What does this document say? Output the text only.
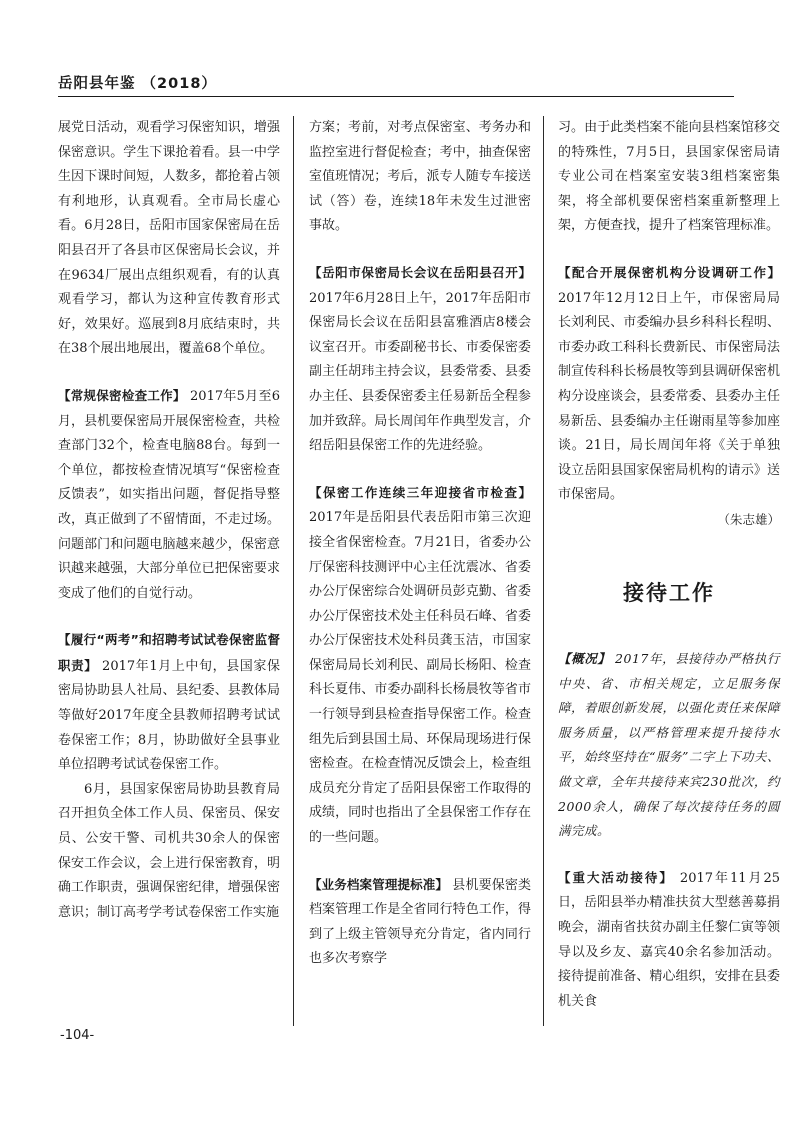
岳阳县年鉴 （2018）

展党日活动，观看学习保密知识，增强保密意识。学生下课抢着看。县一中学生因下课时间短，人数多，都抢着占领有利地形，认真观看。全市局长虚心看。6月28日，岳阳市国家保密局在岳阳县召开了各县市区保密局长会议，并在9634厂展出点组织观看，有的认真观看学习，都认为这种宣传教育形式好，效果好。巡展到8月底结束时，共在38个展出地展出，覆盖68个单位。

【常规保密检查工作】 2017年5月至6月，县机要保密局开展保密检查，共检查部门32个，检查电脑88台。每到一个单位，都按检查情况填写“保密检查反馈表”，如实指出问题，督促指导整改，真正做到了不留情面，不走过场。问题部门和问题电脑越来越少，保密意识越来越强，大部分单位已把保密要求变成了他们的自觉行动。

【履行“两考”和招聘考试试卷保密监督职责】 2017年1月上中旬，县国家保密局协助县人社局、县纪委、县教体局等做好2017年度全县教师招聘考试试卷保密工作；8月，协助做好全县事业单位招聘考试试卷保密工作。

6月，县国家保密局协助县教育局召开担负全体工作人员、保密员、保安员、公安干警、司机共30余人的保密保安工作会议，会上进行保密教育，明确工作职责，强调保密纪律，增强保密意识；制订高考学考试卷保密工作实施

方案；考前，对考点保密室、考务办和监控室进行督促检查；考中，抽查保密室值班情况；考后，派专人随专车接送试（答）卷，连续18年未发生过泄密事故。

【岳阳市保密局长会议在岳阳县召开】 2017年6月28日上午，2017年岳阳市保密局长会议在岳阳县富雅酒店8楼会议室召开。市委副秘书长、市委保密委副主任胡玮主持会议，县委常委、县委办主任、县委保密委主任易新岳全程参加并致辞。局长周闰年作典型发言，介绍岳阳县保密工作的先进经验。

【保密工作连续三年迎接省市检查】 2017年是岳阳县代表岳阳市第三次迎接全省保密检查。7月21日，省委办公厅保密科技测评中心主任沈震冰、省委办公厅保密综合处调研员彭克勤、省委办公厅保密技术处主任科员石峰、省委办公厅保密技术处科员龚玉洁，市国家保密局局长刘利民、副局长杨阳、检查科长夏伟、市委办副科长杨晨牧等省市一行领导到县检查指导保密工作。检查组先后到县国土局、环保局现场进行保密检查。在检查情况反馈会上，检查组成员充分肯定了岳阳县保密工作取得的成绩，同时也指出了全县保密工作存在的一些问题。

【业务档案管理提标准】 县机要保密类档案管理工作是全省同行特色工作，得到了上级主管领导充分肯定，省内同行也多次考察学

习。由于此类档案不能向县档案馆移交的特殊性，7月5日，县国家保密局请专业公司在档案室安装3组档案密集架，将全部机要保密档案重新整理上架，方便查找，提升了档案管理标准。

【配合开展保密机构分设调研工作】 2017年12月12日上午，市保密局局长刘利民、市委编办县乡科科长程明、市委办政工科科长费新民、市保密局法制宣传科科长杨晨牧等到县调研保密机构分设座谈会，县委常委、县委办主任易新岳、县委编办主任谢雨星等参加座谈。21日，局长周闰年将《关于单独设立岳阳县国家保密局机构的请示》送市保密局。

（朱志雄）

接待工作

【概况】 2017年，县接待办严格执行中央、省、市相关规定，立足服务保障，着眼创新发展，以强化责任来保障服务质量，以严格管理来提升接待水平，始终坚持在“服务”二字上下功夫、做文章，全年共接待来宾230批次，约2000余人，确保了每次接待任务的圆满完成。

【重大活动接待】 2017年11月25日，岳阳县举办精准扶贫大型慈善募捐晚会，湖南省扶贫办副主任黎仁寅等领导以及乡友、嘉宾40余名参加活动。接待提前准备、精心组织，安排在县委机关食

-104-
